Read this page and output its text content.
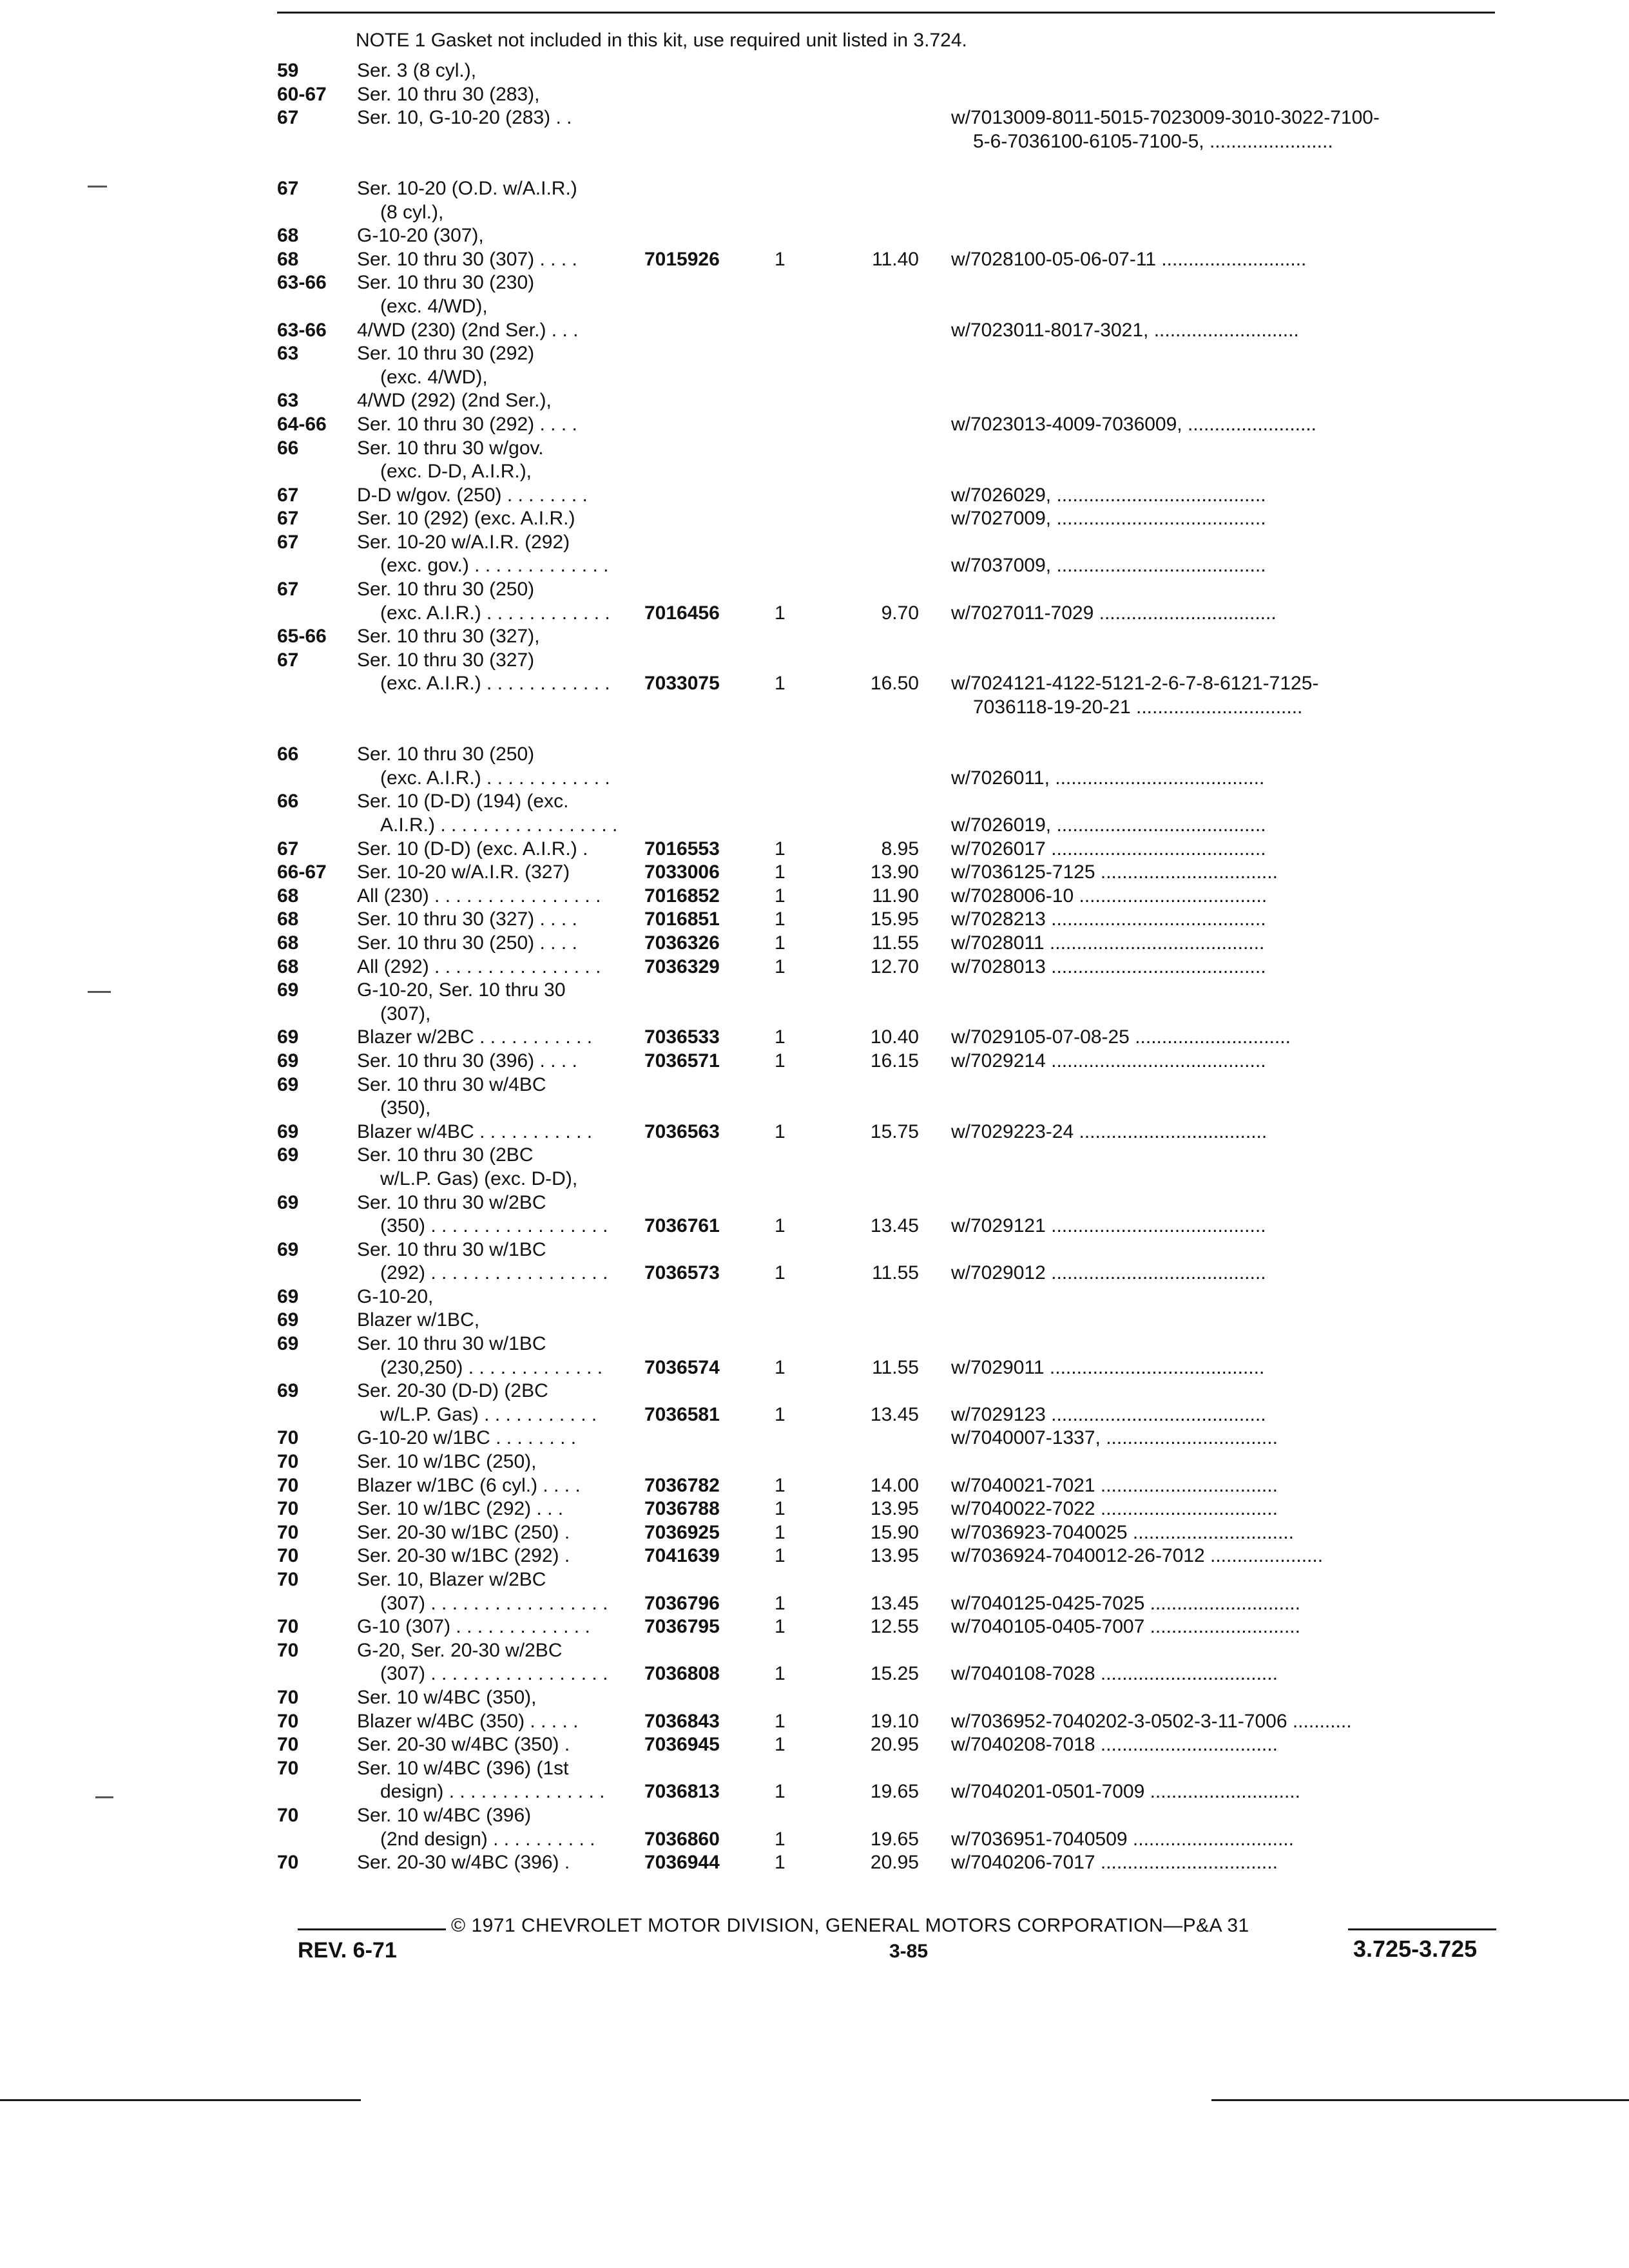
NOTE 1 Gasket not included in this kit, use required unit listed in 3.724.
59	Ser. 3 (8 cyl.),
60-67 Ser. 10 thru 30 (283),
67	Ser. 10, G-10-20 (283) . .	w/7013009-8011-5015-7023009-3010-3022-7100-
5-6-7036100-6105-7100-5, .......................
67	Ser. 10-20 (O.D. w/A.I.R.)
(8 cyl.),
68	G-10-20 (307),
68	Ser. 10 thru 30 (307) . . . .	7015926	1	11.40 w/7028100-05-06-07-11 ...........................
63-66 Ser. 10 thru 30 (230)
(exc. 4/WD),
63-66 4/WD (230) (2nd Ser.) . . .	w/7023011-8017-3021, ...........................
63	Ser. 10 thru 30 (292)
(exc. 4/WD),
63	4/WD (292) (2nd Ser.),
64-66 Ser. 10 thru 30 (292) . . . .	w/7023013-4009-7036009, ........................
66	Ser. 10 thru 30 w/gov.
(exc. D-D, A.I.R.),
67	D-D w/gov. (250) . . . . . . . .	w/7026029, .......................................
67	Ser. 10 (292) (exc. A.I.R.)	w/7027009, .......................................
67	Ser. 10-20 w/A.I.R. (292)
(exc. gov.) . . . . . . . . . . . . .	w/7037009, .......................................
67	Ser. 10 thru 30 (250)
(exc. A.I.R.) . . . . . . . . . . . .	7016456	1	9.70 w/7027011-7029 .................................
65-66 Ser. 10 thru 30 (327),
67	Ser. 10 thru 30 (327)
(exc. A.I.R.) . . . . . . . . . . . .	7033075	1	16.50 w/7024121-4122-5121-2-6-7-8-6121-7125-
7036118-19-20-21 ...............................
66	Ser. 10 thru 30 (250)
(exc. A.I.R.) . . . . . . . . . . . .	w/7026011, .......................................
66	Ser. 10 (D-D) (194) (exc.
A.I.R.) . . . . . . . . . . . . . . . . .	w/7026019, .......................................
67	Ser. 10 (D-D) (exc. A.I.R.) .	7016553	1	8.95 w/7026017 ........................................
66-67 Ser. 10-20 w/A.I.R. (327)	7033006	1	13.90 w/7036125-7125 .................................
68	All (230) . . . . . . . . . . . . . . . .	7016852	1	11.90 w/7028006-10 ...................................
68	Ser. 10 thru 30 (327) . . . .	7016851	1	15.95 w/7028213 ........................................
68	Ser. 10 thru 30 (250) . . . .	7036326	1	11.55 w/7028011 ........................................
68	All (292) . . . . . . . . . . . . . . . .	7036329	1	12.70 w/7028013 ........................................
69	G-10-20, Ser. 10 thru 30
(307),
69	Blazer w/2BC . . . . . . . . . . .	7036533	1	10.40 w/7029105-07-08-25 .............................
69	Ser. 10 thru 30 (396) . . . .	7036571	1	16.15 w/7029214 ........................................
69	Ser. 10 thru 30 w/4BC
(350),
69	Blazer w/4BC . . . . . . . . . . .	7036563	1	15.75 w/7029223-24 ...................................
69	Ser. 10 thru 30 (2BC
w/L.P. Gas) (exc. D-D),
69	Ser. 10 thru 30 w/2BC
(350) . . . . . . . . . . . . . . . . .	7036761	1	13.45 w/7029121 ........................................
69	Ser. 10 thru 30 w/1BC
(292) . . . . . . . . . . . . . . . . .	7036573	1	11.55 w/7029012 ........................................
69	G-10-20,
69	Blazer w/1BC,
69	Ser. 10 thru 30 w/1BC
(230,250) . . . . . . . . . . . . .	7036574	1	11.55 w/7029011 ........................................
69	Ser. 20-30 (D-D) (2BC
w/L.P. Gas) . . . . . . . . . . .	7036581	1	13.45 w/7029123 ........................................
70	G-10-20 w/1BC . . . . . . . .	w/7040007-1337, ................................
70	Ser. 10 w/1BC (250),
70	Blazer w/1BC (6 cyl.) . . . .	7036782	1	14.00 w/7040021-7021 .................................
70	Ser. 10 w/1BC (292) . . .	7036788	1	13.95 w/7040022-7022 .................................
70	Ser. 20-30 w/1BC (250) .	7036925	1	15.90 w/7036923-7040025 ..............................
70	Ser. 20-30 w/1BC (292) .	7041639	1	13.95 w/7036924-7040012-26-7012 .....................
70	Ser. 10, Blazer w/2BC
(307) . . . . . . . . . . . . . . . . .	7036796	1	13.45 w/7040125-0425-7025 ............................
70	G-10 (307) . . . . . . . . . . . . .	7036795	1	12.55 w/7040105-0405-7007 ............................
70	G-20, Ser. 20-30 w/2BC
(307) . . . . . . . . . . . . . . . . .	7036808	1	15.25 w/7040108-7028 .................................
70	Ser. 10 w/4BC (350),
70	Blazer w/4BC (350) . . . . .	7036843	1	19.10 w/7036952-7040202-3-0502-3-11-7006 ...........
70	Ser. 20-30 w/4BC (350) .	7036945	1	20.95 w/7040208-7018 .................................
70	Ser. 10 w/4BC (396) (1st
design) . . . . . . . . . . . . . . .	7036813	1	19.65 w/7040201-0501-7009 ............................
70	Ser. 10 w/4BC (396)
(2nd design) . . . . . . . . . .	7036860	1	19.65 w/7036951-7040509 ..............................
70	Ser. 20-30 w/4BC (396) .	7036944	1	20.95 w/7040206-7017 .................................
© 1971 CHEVROLET MOTOR DIVISION, GENERAL MOTORS CORPORATION—P&A 31
REV. 6-71	3-85	3.725-3.725
